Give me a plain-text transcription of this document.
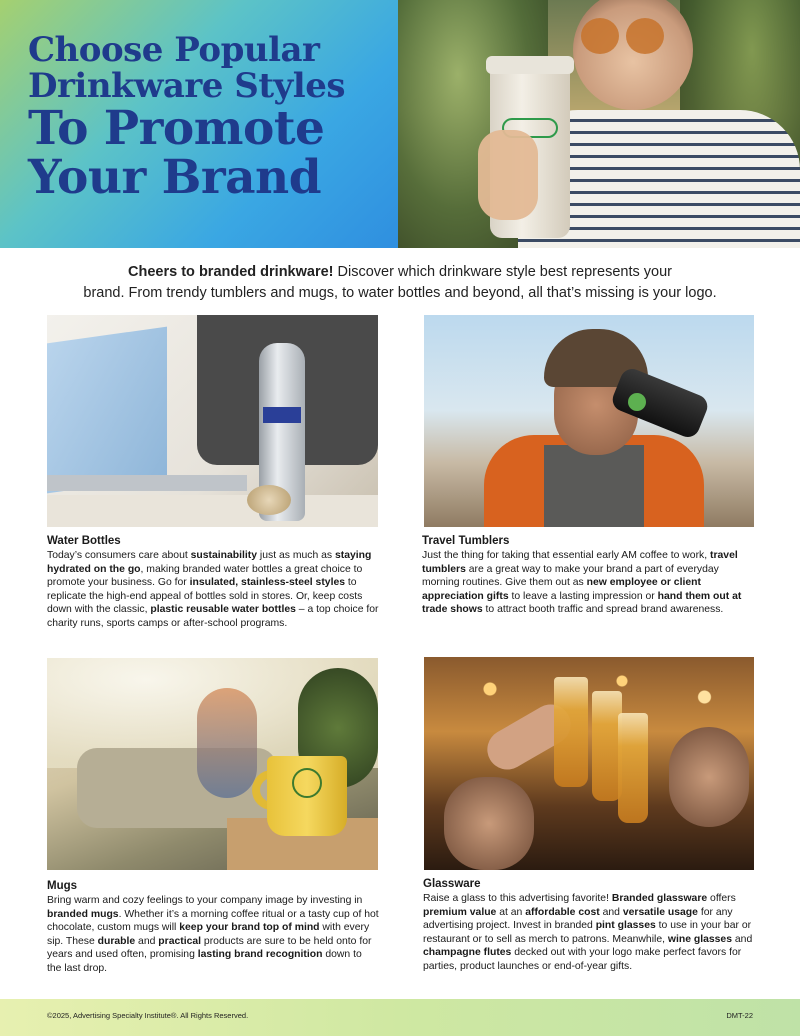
Choose Popular
Drinkware Styles
To Promote
Your Brand
Cheers to branded drinkware! Discover which drinkware style best represents your
brand. From trendy tumblers and mugs, to water bottles and beyond, all that’s missing is your logo.
Water Bottles

Today’s consumers care about sustainability just as much as staying hydrated on the go, making branded water bottles a great choice to promote your business. Go for insulated, stainless-steel styles to replicate the high-end appeal of bottles sold in stores. Or, keep costs down with the classic, plastic reusable water bottles – a top choice for charity runs, sports camps or after-school programs.

Travel Tumblers

Just the thing for taking that essential early AM coffee to work, travel tumblers are a great way to make your brand a part of everyday morning routines. Give them out as new employee or client appreciation gifts to leave a lasting impression or hand them out at trade shows to attract booth traffic and spread brand awareness.

Mugs

Bring warm and cozy feelings to your company image by investing in branded mugs. Whether it’s a morning coffee ritual or a tasty cup of hot chocolate, custom mugs will keep your brand top of mind with every sip. These durable and practical products are sure to be held onto for years and used often, promising lasting brand recognition down to the last drop.

Glassware

Raise a glass to this advertising favorite! Branded glassware offers premium value at an affordable cost and versatile usage for any advertising project. Invest in branded pint glasses to use in your bar or restaurant or to sell as merch to patrons. Meanwhile, wine glasses and champagne flutes decked out with your logo make perfect favors for parties, product launches or end-of-year gifts.

©2025, Advertising Specialty Institute®. All Rights Reserved.	DMT-22
